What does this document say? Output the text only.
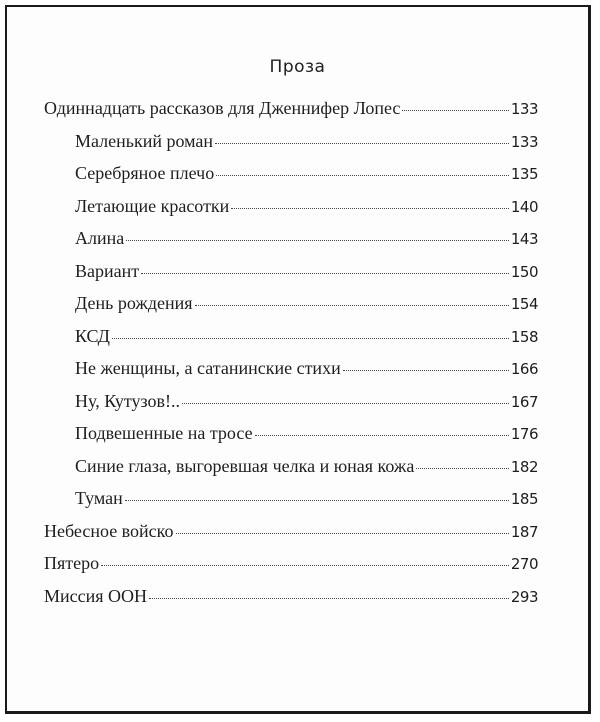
Проза
Одиннадцать рассказов для Дженнифер Лопес	133
Маленький роман	133
Серебряное плечо	135
Летающие красотки	140
Алина	143
Вариант	150
День рождения	154
КСД	158
Не женщины, а сатанинские стихи	166
Ну, Кутузов!..	167
Подвешенные на тросе	176
Синие глаза, выгоревшая челка и юная кожа	182
Туман	185
Небесное войско	187
Пятеро	270
Миссия ООН	293
